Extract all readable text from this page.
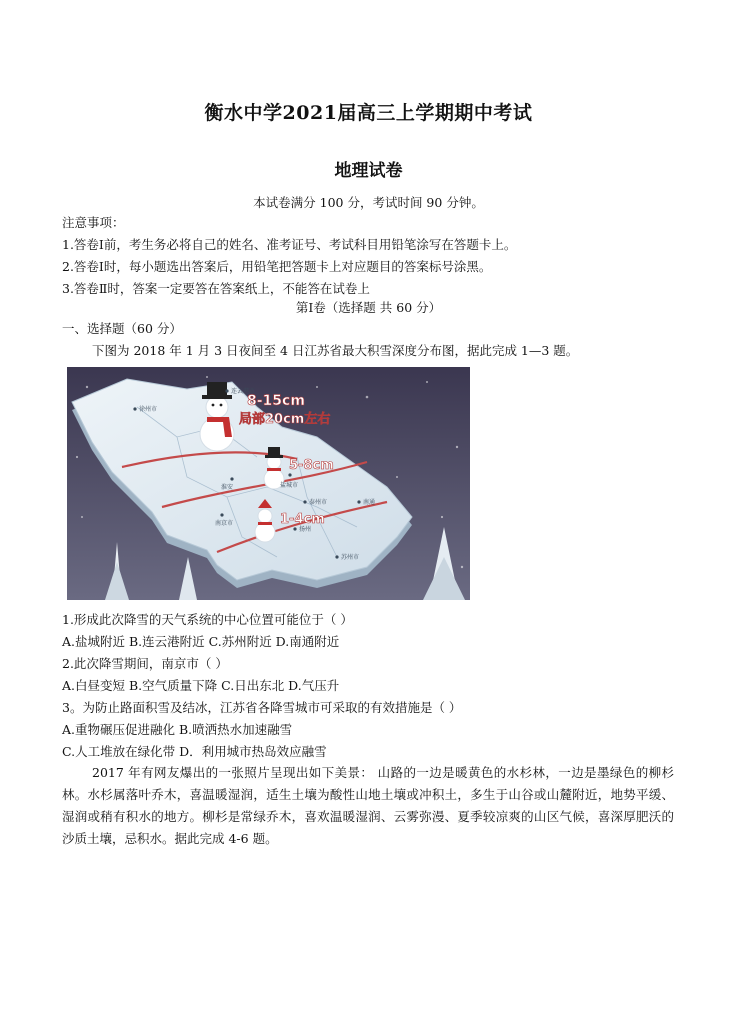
衡水中学2021届高三上学期期中考试
地理试卷
本试卷满分 100 分，考试时间 90 分钟。
注意事项：
1.答卷Ⅰ前，考生务必将自己的姓名、准考证号、考试科目用铅笔涂写在答题卡上。
2.答卷Ⅰ时，每小题选出答案后，用铅笔把答题卡上对应题目的答案标号涂黑。
3.答卷Ⅱ时，答案一定要答在答案纸上，不能答在试卷上
第Ⅰ卷（选择题 共 60 分）
一、选择题（60 分）
下图为 2018 年 1 月 3 日夜间至 4 日江苏省最大积雪深度分布图，据此完成 1—3 题。
8-15cm
局部20cm左右
5-8cm
1-4cm
徐州市
连云港市
盐城市
淮安
南京市
泰州市
扬州
南通
苏州市
1.形成此次降雪的天气系统的中心位置可能位于（ ）
A.盐城附近 B.连云港附近 C.苏州附近 D.南通附近
2.此次降雪期间，南京市（ ）
A.白昼变短 B.空气质量下降 C.日出东北 D.气压升
3。为防止路面积雪及结冰，江苏省各降雪城市可采取的有效措施是（ ）
A.重物碾压促进融化 B.喷洒热水加速融雪
C.人工堆放在绿化带 D．利用城市热岛效应融雪
2017 年有网友爆出的一张照片呈现出如下美景： 山路的一边是暖黄色的水杉林，一边是墨绿色的柳杉林。水杉属落叶乔木，喜温暖湿润，适生土壤为酸性山地土壤或冲积土，多生于山谷或山麓附近，地势平缓、湿润或稍有积水的地方。柳杉是常绿乔木，喜欢温暖湿润、云雾弥漫、夏季较凉爽的山区气候，喜深厚肥沃的沙质土壤，忌积水。据此完成 4-6 题。
